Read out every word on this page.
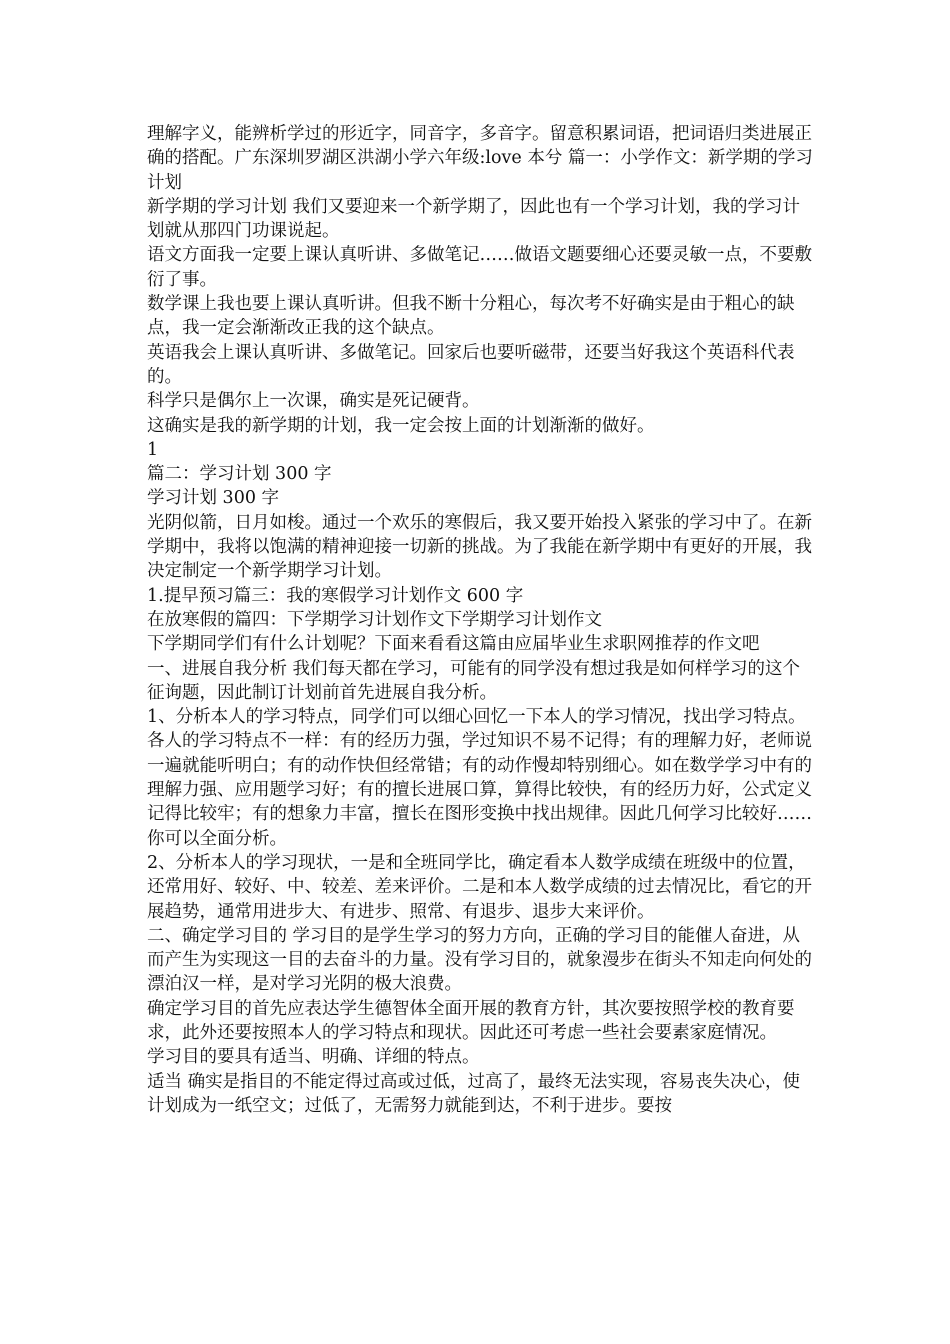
理解字义，能辨析学过的形近字，同音字，多音字。留意积累词语，把词语归类进展正确的搭配。广东深圳罗湖区洪湖小学六年级:love 本兮 篇一：小学作文：新学期的学习计划

新学期的学习计划 我们又要迎来一个新学期了，因此也有一个学习计划，我的学习计划就从那四门功课说起。

语文方面我一定要上课认真听讲、多做笔记……做语文题要细心还要灵敏一点，不要敷衍了事。

数学课上我也要上课认真听讲。但我不断十分粗心，每次考不好确实是由于粗心的缺点，我一定会渐渐改正我的这个缺点。

英语我会上课认真听讲、多做笔记。回家后也要听磁带，还要当好我这个英语科代表的。

科学只是偶尔上一次课，确实是死记硬背。

这确实是我的新学期的计划，我一定会按上面的计划渐渐的做好。

1

篇二：学习计划 300 字

学习计划 300 字

光阴似箭，日月如梭。通过一个欢乐的寒假后，我又要开始投入紧张的学习中了。在新学期中，我将以饱满的精神迎接一切新的挑战。为了我能在新学期中有更好的开展，我决定制定一个新学期学习计划。

1.提早预习篇三：我的寒假学习计划作文 600 字

在放寒假的篇四：下学期学习计划作文下学期学习计划作文

下学期同学们有什么计划呢？下面来看看这篇由应届毕业生求职网推荐的作文吧

一、进展自我分析 我们每天都在学习，可能有的同学没有想过我是如何样学习的这个征询题，因此制订计划前首先进展自我分析。

1、分析本人的学习特点，同学们可以细心回忆一下本人的学习情况，找出学习特点。各人的学习特点不一样：有的经历力强，学过知识不易不记得；有的理解力好，老师说一遍就能听明白；有的动作快但经常错；有的动作慢却特别细心。如在数学学习中有的理解力强、应用题学习好；有的擅长进展口算，算得比较快，有的经历力好，公式定义记得比较牢；有的想象力丰富，擅长在图形变换中找出规律。因此几何学习比较好……你可以全面分析。

2、分析本人的学习现状，一是和全班同学比，确定看本人数学成绩在班级中的位置，还常用好、较好、中、较差、差来评价。二是和本人数学成绩的过去情况比，看它的开展趋势，通常用进步大、有进步、照常、有退步、退步大来评价。

二、确定学习目的 学习目的是学生学习的努力方向，正确的学习目的能催人奋进，从而产生为实现这一目的去奋斗的力量。没有学习目的，就象漫步在街头不知走向何处的漂泊汉一样，是对学习光阴的极大浪费。

确定学习目的首先应表达学生德智体全面开展的教育方针，其次要按照学校的教育要求，此外还要按照本人的学习特点和现状。因此还可考虑一些社会要素家庭情况。

学习目的要具有适当、明确、详细的特点。

适当 确实是指目的不能定得过高或过低，过高了，最终无法实现，容易丧失决心，使计划成为一纸空文；过低了，无需努力就能到达，不利于进步。要按
